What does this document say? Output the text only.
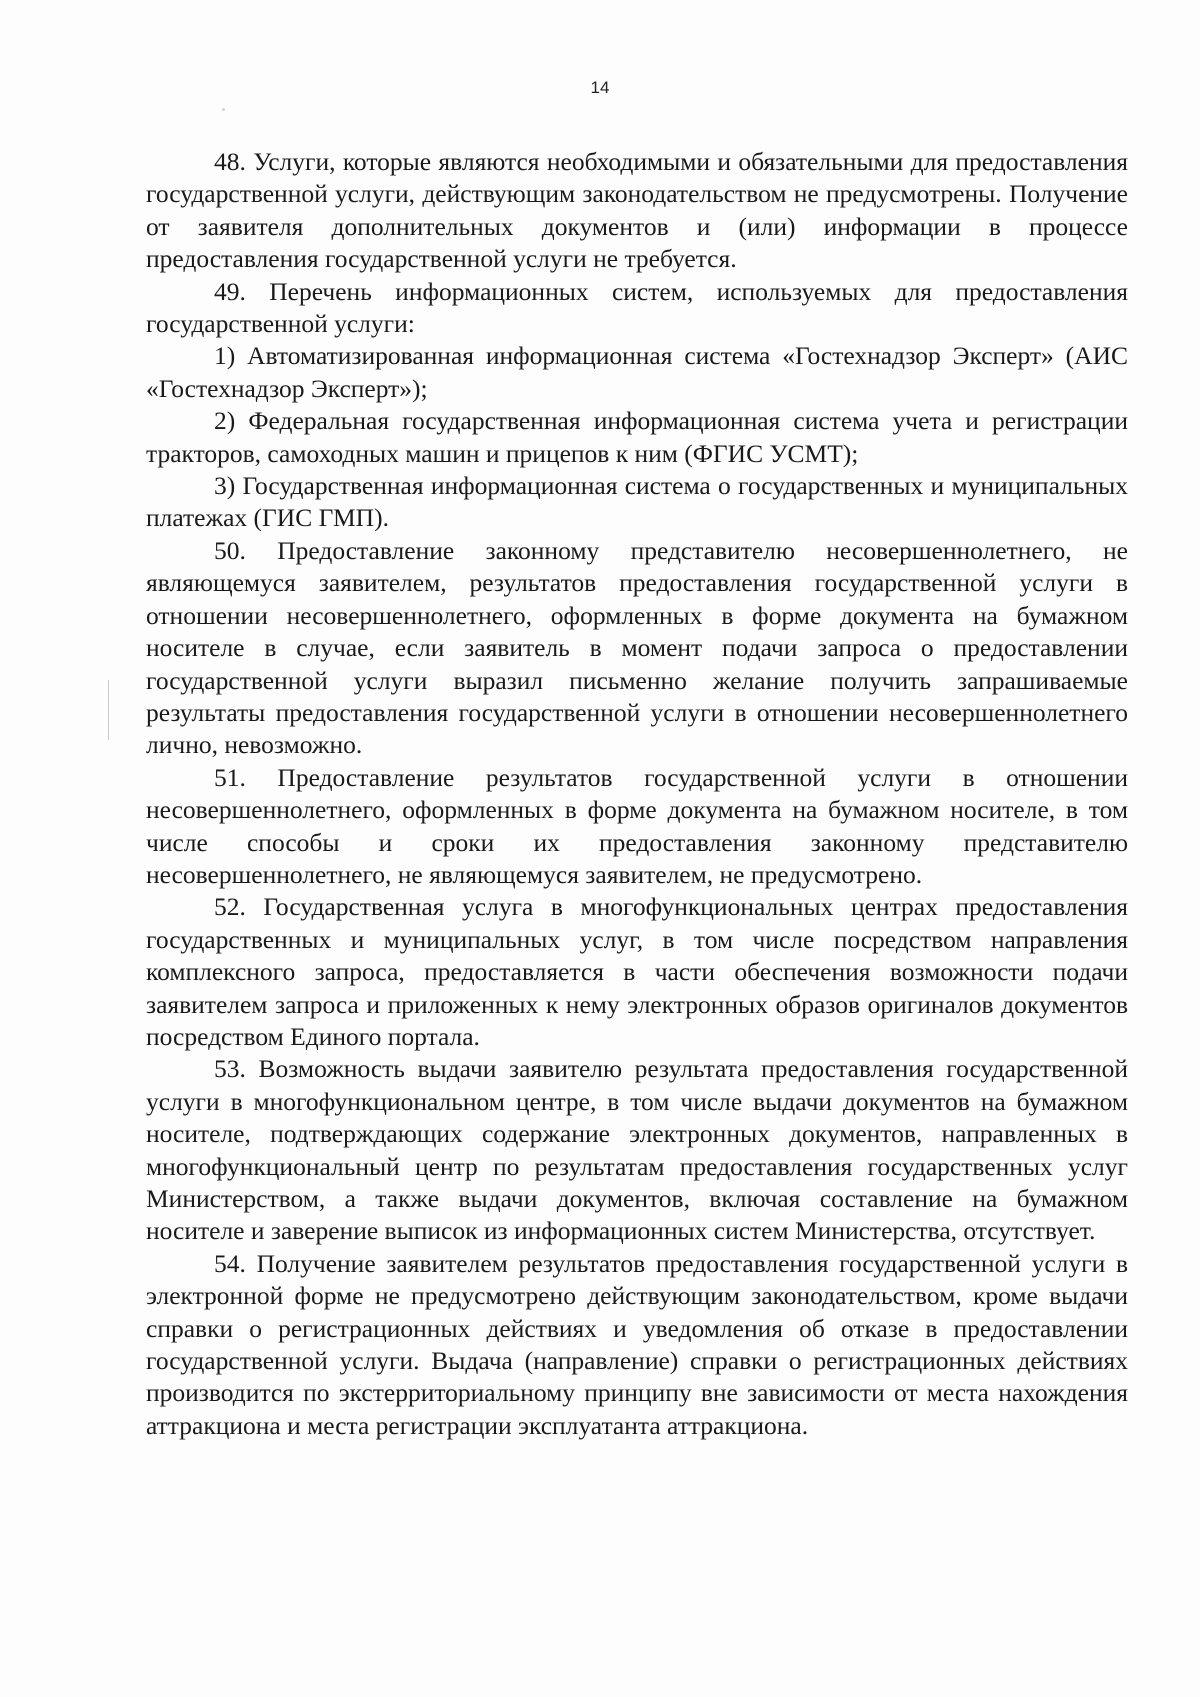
14

48. Услуги, которые являются необходимыми и обязательными для предоставления государственной услуги, действующим законодательством не предусмотрены. Получение от заявителя дополнительных документов и (или) информации в процессе предоставления государственной услуги не требуется.

49. Перечень информационных систем, используемых для предоставления государственной услуги:

1) Автоматизированная информационная система «Гостехнадзор Эксперт» (АИС «Гостехнадзор Эксперт»);

2) Федеральная государственная информационная система учета и регистрации тракторов, самоходных машин и прицепов к ним (ФГИС УСМТ);

3) Государственная информационная система о государственных и муниципальных платежах (ГИС ГМП).

50. Предоставление законному представителю несовершеннолетнего, не являющемуся заявителем, результатов предоставления государственной услуги в отношении несовершеннолетнего, оформленных в форме документа на бумажном носителе в случае, если заявитель в момент подачи запроса о предоставлении государственной услуги выразил письменно желание получить запрашиваемые результаты предоставления государственной услуги в отношении несовершеннолетнего лично, невозможно.

51. Предоставление результатов государственной услуги в отношении несовершеннолетнего, оформленных в форме документа на бумажном носителе, в том числе способы и сроки их предоставления законному представителю несовершеннолетнего, не являющемуся заявителем, не предусмотрено.

52. Государственная услуга в многофункциональных центрах предоставления государственных и муниципальных услуг, в том числе посредством направления комплексного запроса, предоставляется в части обеспечения возможности подачи заявителем запроса и приложенных к нему электронных образов оригиналов документов посредством Единого портала.

53. Возможность выдачи заявителю результата предоставления государственной услуги в многофункциональном центре, в том числе выдачи документов на бумажном носителе, подтверждающих содержание электронных документов, направленных в многофункциональный центр по результатам предоставления государственных услуг Министерством, а также выдачи документов, включая составление на бумажном носителе и заверение выписок из информационных систем Министерства, отсутствует.

54. Получение заявителем результатов предоставления государственной услуги в электронной форме не предусмотрено действующим законодательством, кроме выдачи справки о регистрационных действиях и уведомления об отказе в предоставлении государственной услуги. Выдача (направление) справки о регистрационных действиях производится по экстерриториальному принципу вне зависимости от места нахождения аттракциона и места регистрации эксплуатанта аттракциона.
